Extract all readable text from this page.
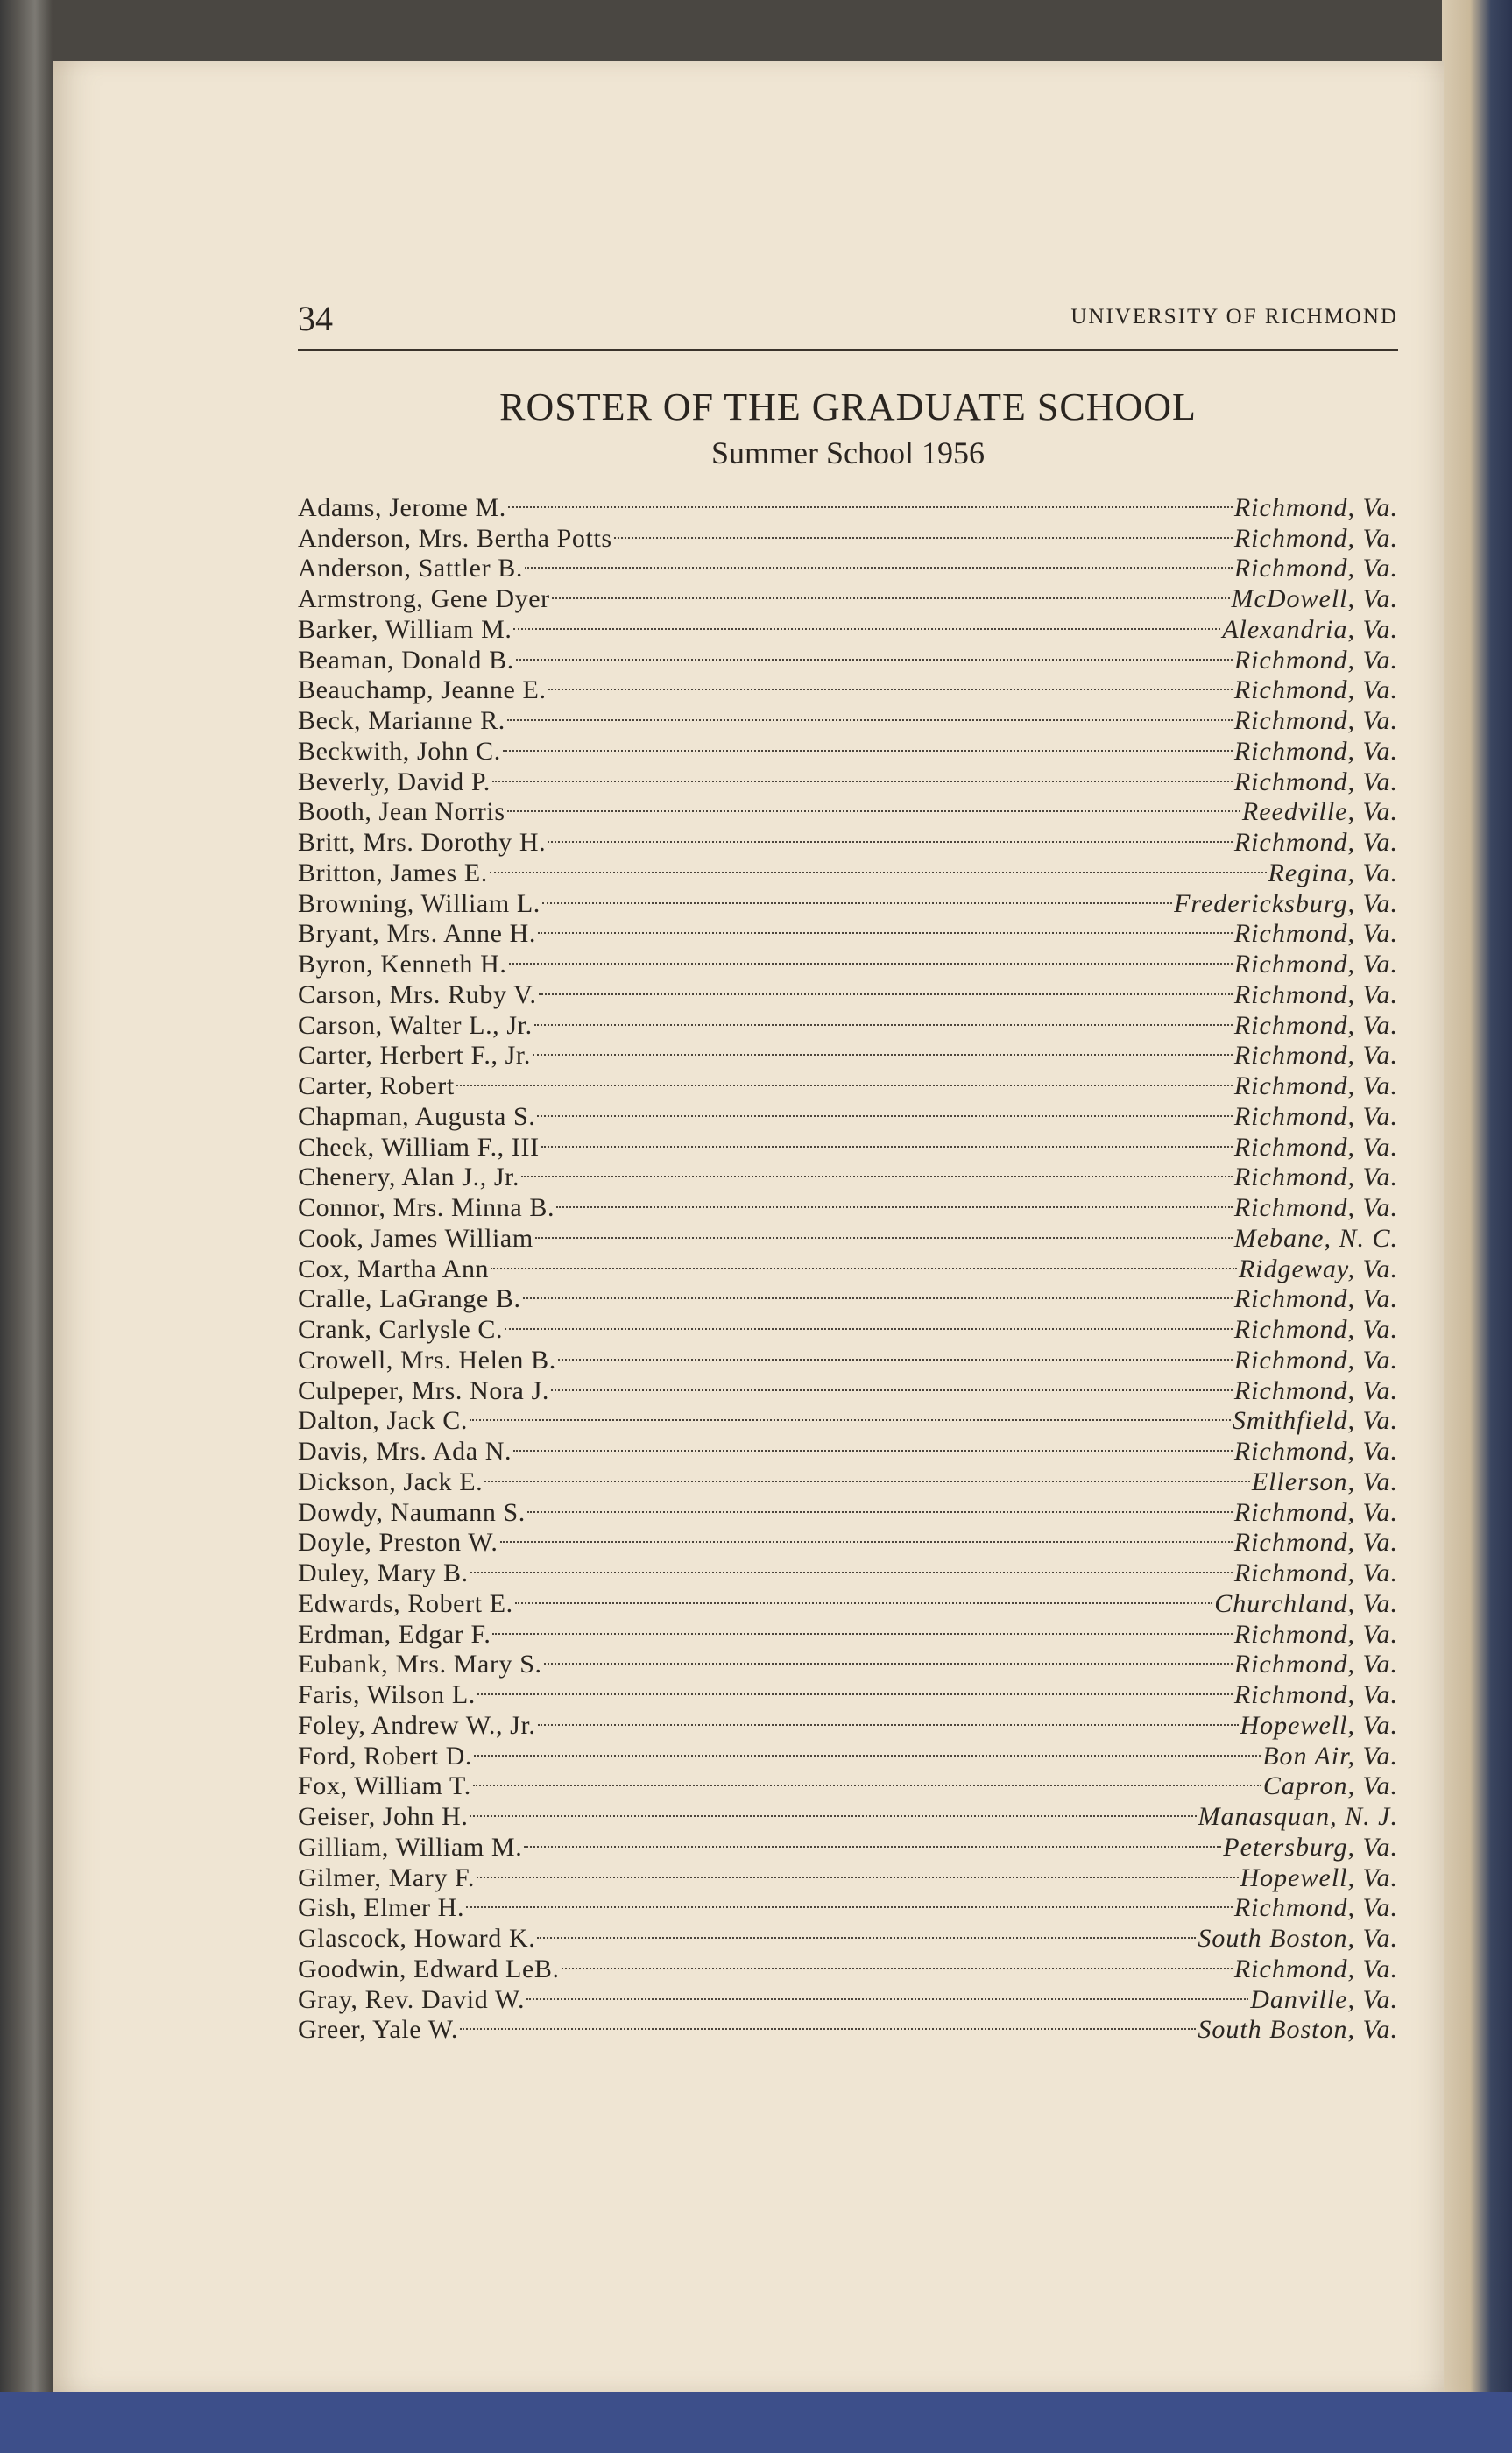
34	UNIVERSITY OF RICHMOND
ROSTER OF THE GRADUATE SCHOOL
Summer School 1956
Adams, Jerome M.	Richmond, Va.
Anderson, Mrs. Bertha Potts	Richmond, Va.
Anderson, Sattler B.	Richmond, Va.
Armstrong, Gene Dyer	McDowell, Va.
Barker, William M.	Alexandria, Va.
Beaman, Donald B.	Richmond, Va.
Beauchamp, Jeanne E.	Richmond, Va.
Beck, Marianne R.	Richmond, Va.
Beckwith, John C.	Richmond, Va.
Beverly, David P.	Richmond, Va.
Booth, Jean Norris	Reedville, Va.
Britt, Mrs. Dorothy H.	Richmond, Va.
Britton, James E.	Regina, Va.
Browning, William L.	Fredericksburg, Va.
Bryant, Mrs. Anne H.	Richmond, Va.
Byron, Kenneth H.	Richmond, Va.
Carson, Mrs. Ruby V.	Richmond, Va.
Carson, Walter L., Jr.	Richmond, Va.
Carter, Herbert F., Jr.	Richmond, Va.
Carter, Robert	Richmond, Va.
Chapman, Augusta S.	Richmond, Va.
Cheek, William F., III	Richmond, Va.
Chenery, Alan J., Jr.	Richmond, Va.
Connor, Mrs. Minna B.	Richmond, Va.
Cook, James William	Mebane, N. C.
Cox, Martha Ann	Ridgeway, Va.
Cralle, LaGrange B.	Richmond, Va.
Crank, Carlysle C.	Richmond, Va.
Crowell, Mrs. Helen B.	Richmond, Va.
Culpeper, Mrs. Nora J.	Richmond, Va.
Dalton, Jack C.	Smithfield, Va.
Davis, Mrs. Ada N.	Richmond, Va.
Dickson, Jack E.	Ellerson, Va.
Dowdy, Naumann S.	Richmond, Va.
Doyle, Preston W.	Richmond, Va.
Duley, Mary B.	Richmond, Va.
Edwards, Robert E.	Churchland, Va.
Erdman, Edgar F.	Richmond, Va.
Eubank, Mrs. Mary S.	Richmond, Va.
Faris, Wilson L.	Richmond, Va.
Foley, Andrew W., Jr.	Hopewell, Va.
Ford, Robert D.	Bon Air, Va.
Fox, William T.	Capron, Va.
Geiser, John H.	Manasquan, N. J.
Gilliam, William M.	Petersburg, Va.
Gilmer, Mary F.	Hopewell, Va.
Gish, Elmer H.	Richmond, Va.
Glascock, Howard K.	South Boston, Va.
Goodwin, Edward LeB.	Richmond, Va.
Gray, Rev. David W.	Danville, Va.
Greer, Yale W.	South Boston, Va.
